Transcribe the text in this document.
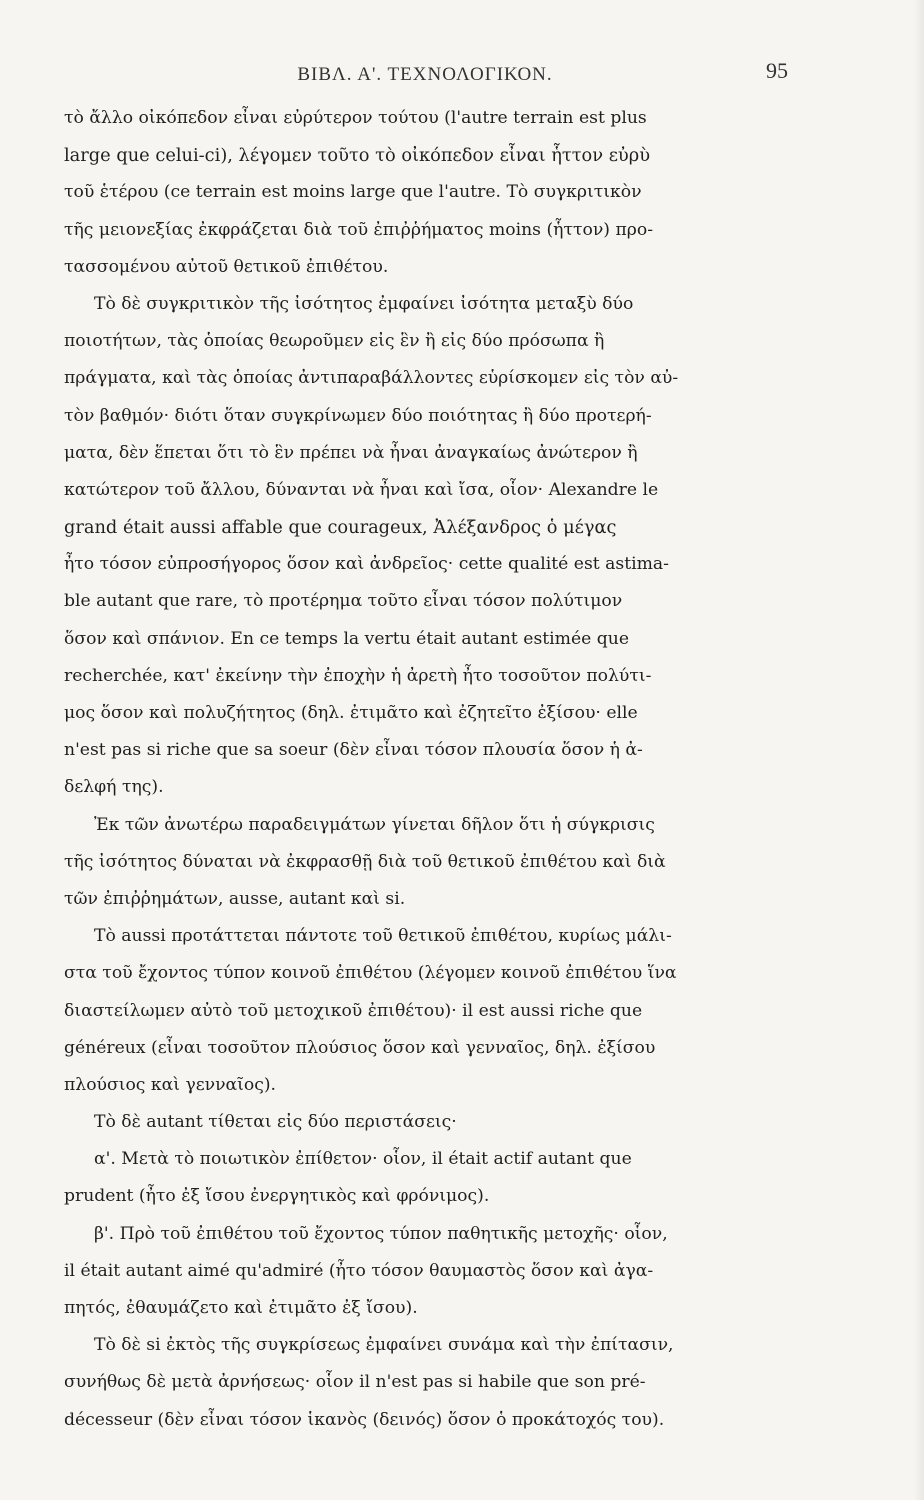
ΒΙΒΛ. Α'. ΤΕΧΝΟΛΟΓΙΚΟΝ.	95
τὸ ἄλλο οἰκόπεδον εἶναι εὐρύτερον τούτου (l'autre terrain est plus
large que celui-ci), λέγομεν τοῦτο τὸ οἰκόπεδον εἶναι ἧττον εὐρὺ
τοῦ ἑτέρου (ce terrain est moins large que l'autre. Τὸ συγκριτικὸν
τῆς μειονεξίας ἐκφράζεται διὰ τοῦ ἐπιῤῥήματος moins (ἧττον) προ-
τασσομένου αὐτοῦ θετικοῦ ἐπιθέτου.
Τὸ δὲ συγκριτικὸν τῆς ἰσότητος ἐμφαίνει ἰσότητα μεταξὺ δύο
ποιοτήτων, τὰς ὁποίας θεωροῦμεν εἰς ἓν ἢ εἰς δύο πρόσωπα ἢ
πράγματα, καὶ τὰς ὁποίας ἀντιπαραβάλλοντες εὑρίσκομεν εἰς τὸν αὐ-
τὸν βαθμόν· διότι ὅταν συγκρίνωμεν δύο ποιότητας ἢ δύο προτερή-
ματα, δὲν ἕπεται ὅτι τὸ ἓν πρέπει νὰ ἦναι ἀναγκαίως ἀνώτερον ἢ
κατώτερον τοῦ ἄλλου, δύνανται νὰ ἦναι καὶ ἴσα, οἷον· Alexandre le
grand était aussi affable que courageux, Ἀλέξανδρος ὁ μέγας
ἦτο τόσον εὐπροσήγορος ὅσον καὶ ἀνδρεῖος· cette qualité est astima-
ble autant que rare, τὸ προτέρημα τοῦτο εἶναι τόσον πολύτιμον
ὅσον καὶ σπάνιον. En ce temps la vertu était autant estimée que
recherchée, κατ' ἐκείνην τὴν ἐποχὴν ἡ ἀρετὴ ἦτο τοσοῦτον πολύτι-
μος ὅσον καὶ πολυζήτητος (δηλ. ἐτιμᾶτο καὶ ἐζητεῖτο ἐξίσου· elle
n'est pas si riche que sa soeur (δὲν εἶναι τόσον πλουσία ὅσον ἡ ἀ-
δελφή της).
Ἐκ τῶν ἀνωτέρω παραδειγμάτων γίνεται δῆλον ὅτι ἡ σύγκρισις
τῆς ἰσότητος δύναται νὰ ἐκφρασθῇ διὰ τοῦ θετικοῦ ἐπιθέτου καὶ διὰ
τῶν ἐπιῤῥημάτων, ausse, autant καὶ si.
Τὸ aussi προτάττεται πάντοτε τοῦ θετικοῦ ἐπιθέτου, κυρίως μάλι-
στα τοῦ ἔχοντος τύπον κοινοῦ ἐπιθέτου (λέγομεν κοινοῦ ἐπιθέτου ἵνα
διαστείλωμεν αὐτὸ τοῦ μετοχικοῦ ἐπιθέτου)· il est aussi riche que
généreux (εἶναι τοσοῦτον πλούσιος ὅσον καὶ γενναῖος, δηλ. ἐξίσου
πλούσιος καὶ γενναῖος).
Τὸ δὲ autant τίθεται εἰς δύο περιστάσεις·
α'. Μετὰ τὸ ποιωτικὸν ἐπίθετον· οἷον, il était actif autant que
prudent (ἦτο ἐξ ἴσου ἐνεργητικὸς καὶ φρόνιμος).
β'. Πρὸ τοῦ ἐπιθέτου τοῦ ἔχοντος τύπον παθητικῆς μετοχῆς· οἷον,
il était autant aimé qu'admiré (ἦτο τόσον θαυμαστὸς ὅσον καὶ ἀγα-
πητός, ἐθαυμάζετο καὶ ἐτιμᾶτο ἐξ ἴσου).
Τὸ δὲ si ἐκτὸς τῆς συγκρίσεως ἐμφαίνει συνάμα καὶ τὴν ἐπίτασιν,
συνήθως δὲ μετὰ ἀρνήσεως· οἷον il n'est pas si habile que son pré-
décesseur (δὲν εἶναι τόσον ἱκανὸς (δεινός) ὅσον ὁ προκάτοχός του).
